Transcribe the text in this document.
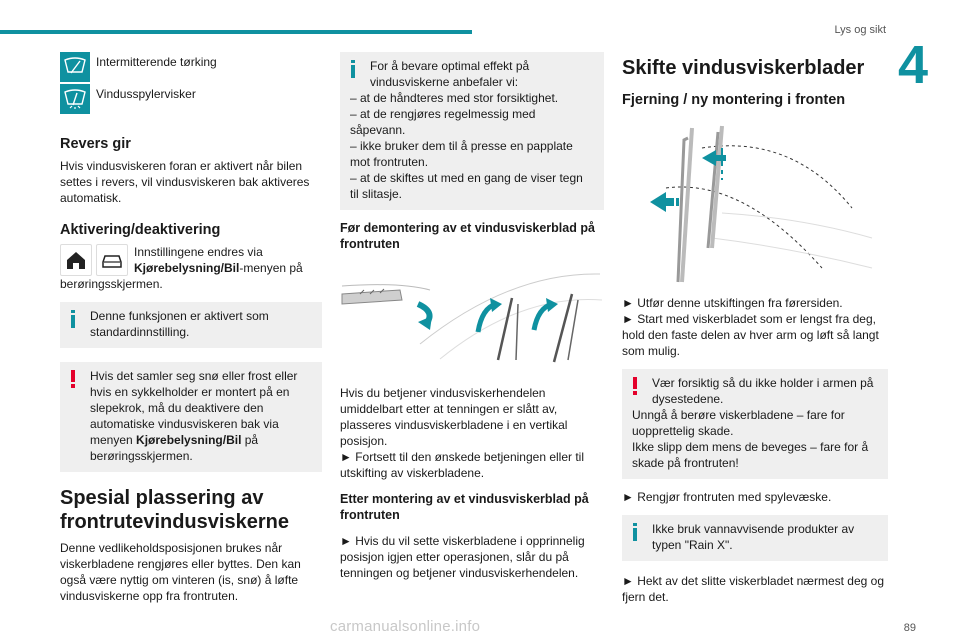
Lys og sikt
4

Intermitterende tørking

Vindusspylervisker

Revers gir

Hvis vindusviskeren foran er aktivert når bilen settes i revers, vil vindusviskeren bak aktiveres automatisk.

Aktivering/deaktivering

Innstillingene endres via
Kjørebelysning/Bil-menyen på

berøringsskjermen.

Denne funksjonen er aktivert som standardinnstilling.

Hvis det samler seg snø eller frost eller hvis en sykkelholder er montert på en slepekrok, må du deaktivere den automatiske vindusviskeren bak via menyen Kjørebelysning/Bil på berøringsskjermen.

Spesial plassering av frontrutevindusviskerne

Denne vedlikeholdsposisjonen brukes når viskerbladene rengjøres eller byttes. Den kan også være nyttig om vinteren (is, snø) å løfte vindusviskerne opp fra frontruten.

For å bevare optimal effekt på vindusviskerne anbefaler vi:

– at de håndteres med stor forsiktighet.

– at de rengjøres regelmessig med såpevann.

– ikke bruker dem til å presse en papplate mot frontruten.

– at de skiftes ut med en gang de viser tegn til slitasje.

Før demontering av et vindusviskerblad på frontruten

Hvis du betjener vindusviskerhendelen umiddelbart etter at tenningen er slått av, plasseres vindusviskerbladene i en vertikal posisjon.

► Fortsett til den ønskede betjeningen eller til utskifting av viskerbladene.

Etter montering av et vindusviskerblad på frontruten

► Hvis du vil sette viskerbladene i opprinnelig posisjon igjen etter operasjonen, slår du på tenningen og betjener vindusviskerhendelen.

Skifte vindusviskerblader

Fjerning / ny montering i fronten

► Utfør denne utskiftingen fra førersiden.

► Start med viskerbladet som er lengst fra deg, hold den faste delen av hver arm og løft så langt som mulig.

Vær forsiktig så du ikke holder i armen på dysestedene.

Unngå å berøre viskerbladene – fare for uopprettelig skade.

Ikke slipp dem mens de beveges – fare for å skade på frontruten!

► Rengjør frontruten med spylevæske.

Ikke bruk vannavvisende produkter av typen "Rain X".

► Hekt av det slitte viskerbladet nærmest deg og fjern det.

carmanualsonline.info	89
